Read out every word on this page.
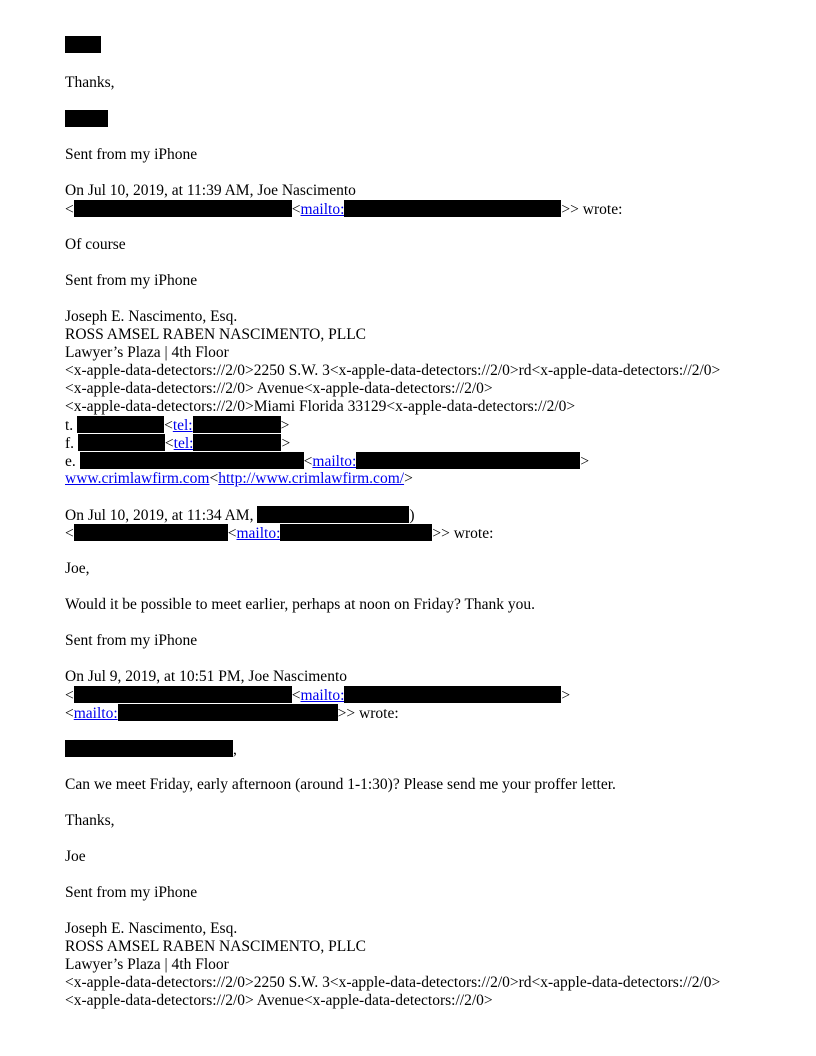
Thanks,
Sent from my iPhone
On Jul 10, 2019, at 11:39 AM, Joe Nascimento
<	<mailto:	>> wrote:
Of course
Sent from my iPhone
Joseph E. Nascimento, Esq.
ROSS AMSEL RABEN NASCIMENTO, PLLC
Lawyer’s Plaza | 4th Floor
<x-apple-data-detectors://2/0>2250 S.W. 3<x-apple-data-detectors://2/0>rd<x-apple-data-detectors://2/0>
<x-apple-data-detectors://2/0> Avenue<x-apple-data-detectors://2/0>
<x-apple-data-detectors://2/0>Miami Florida 33129<x-apple-data-detectors://2/0>
t.	<tel:	>
f.	<tel:	>
e.	<mailto:	>
www.crimlawfirm.com<http://www.crimlawfirm.com/>
On Jul 10, 2019, at 11:34 AM,	)
<	<mailto:	>> wrote:
Joe,
Would it be possible to meet earlier, perhaps at noon on Friday? Thank you.
Sent from my iPhone
On Jul 9, 2019, at 10:51 PM, Joe Nascimento
<	<mailto:	>
<mailto:	>> wrote:
,
Can we meet Friday, early afternoon (around 1-1:30)? Please send me your proffer letter.
Thanks,
Joe
Sent from my iPhone
Joseph E. Nascimento, Esq.
ROSS AMSEL RABEN NASCIMENTO, PLLC
Lawyer’s Plaza | 4th Floor
<x-apple-data-detectors://2/0>2250 S.W. 3<x-apple-data-detectors://2/0>rd<x-apple-data-detectors://2/0>
<x-apple-data-detectors://2/0> Avenue<x-apple-data-detectors://2/0>
